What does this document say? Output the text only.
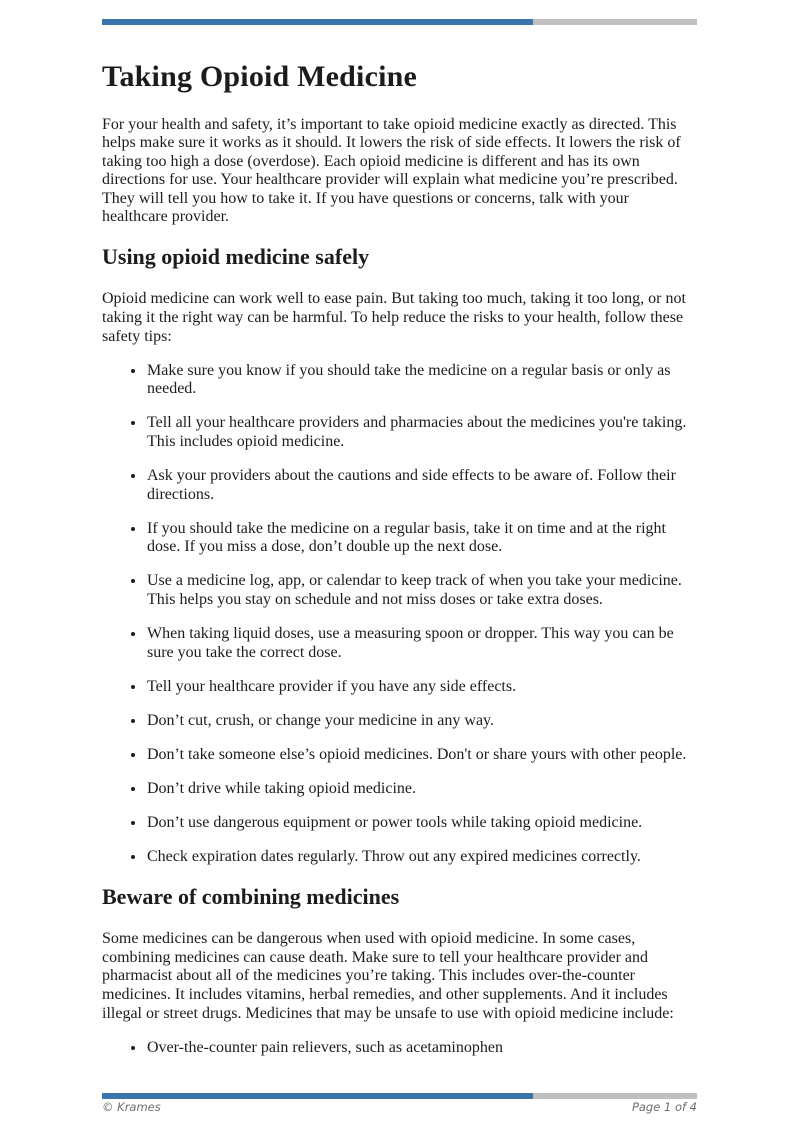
Taking Opioid Medicine

For your health and safety, it’s important to take opioid medicine exactly as directed. This helps make sure it works as it should. It lowers the risk of side effects. It lowers the risk of taking too high a dose (overdose). Each opioid medicine is different and has its own directions for use. Your healthcare provider will explain what medicine you’re prescribed. They will tell you how to take it. If you have questions or concerns, talk with your healthcare provider.

Using opioid medicine safely

Opioid medicine can work well to ease pain. But taking too much, taking it too long, or not taking it the right way can be harmful. To help reduce the risks to your health, follow these safety tips:

• Make sure you know if you should take the medicine on a regular basis or only as needed.
• Tell all your healthcare providers and pharmacies about the medicines you're taking. This includes opioid medicine.
• Ask your providers about the cautions and side effects to be aware of. Follow their directions.
• If you should take the medicine on a regular basis, take it on time and at the right dose. If you miss a dose, don’t double up the next dose.
• Use a medicine log, app, or calendar to keep track of when you take your medicine. This helps you stay on schedule and not miss doses or take extra doses.
• When taking liquid doses, use a measuring spoon or dropper. This way you can be sure you take the correct dose.
• Tell your healthcare provider if you have any side effects.
• Don’t cut, crush, or change your medicine in any way.
• Don’t take someone else’s opioid medicines. Don't or share yours with other people.
• Don’t drive while taking opioid medicine.
• Don’t use dangerous equipment or power tools while taking opioid medicine.
• Check expiration dates regularly. Throw out any expired medicines correctly.
Beware of combining medicines

Some medicines can be dangerous when used with opioid medicine. In some cases, combining medicines can cause death. Make sure to tell your healthcare provider and pharmacist about all of the medicines you’re taking. This includes over-the-counter medicines. It includes vitamins, herbal remedies, and other supplements. And it includes illegal or street drugs. Medicines that may be unsafe to use with opioid medicine include:

• Over-the-counter pain relievers, such as acetaminophen
© Krames	Page 1 of 4
